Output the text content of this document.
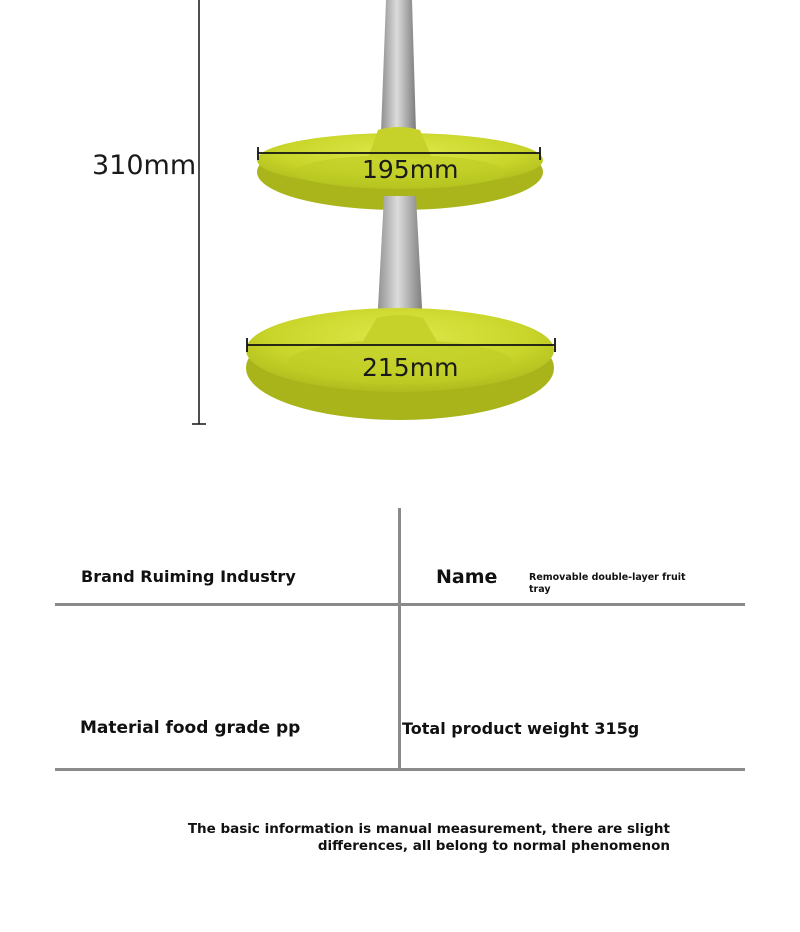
310mm	195mm
215mm
Brand Ruiming Industry	Name	Removable double-layer fruit tray
Material food grade pp	Total product weight 315g
The basic information is manual measurement, there are slight differences, all belong to normal phenomenon
